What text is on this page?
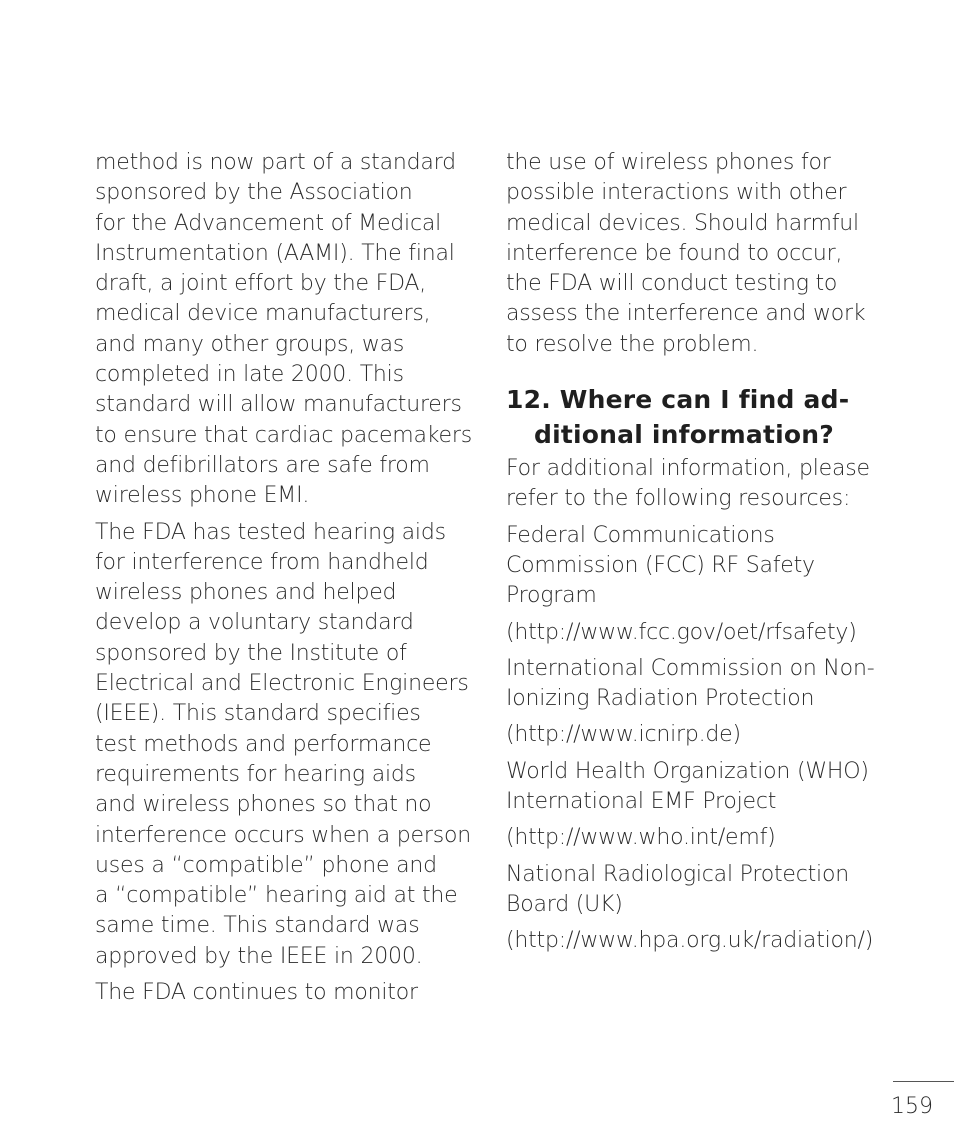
method is now part of a standard
sponsored by the Association
for the Advancement of Medical
Instrumentation (AAMI). The final
draft, a joint effort by the FDA,
medical device manufacturers,
and many other groups, was
completed in late 2000. This
standard will allow manufacturers
to ensure that cardiac pacemakers
and defibrillators are safe from
wireless phone EMI.

The FDA has tested hearing aids
for interference from handheld
wireless phones and helped
develop a voluntary standard
sponsored by the Institute of
Electrical and Electronic Engineers
(IEEE). This standard specifies
test methods and performance
requirements for hearing aids
and wireless phones so that no
interference occurs when a person
uses a “compatible” phone and
a “compatible” hearing aid at the
same time. This standard was
approved by the IEEE in 2000.

The FDA continues to monitor

the use of wireless phones for
possible interactions with other
medical devices. Should harmful
interference be found to occur,
the FDA will conduct testing to
assess the interference and work
to resolve the problem.

12. Where can I find ad-
ditional information?

For additional information, please
refer to the following resources:

Federal Communications
Commission (FCC) RF Safety
Program

(http://www.fcc.gov/oet/rfsafety)

International Commission on Non-
Ionizing Radiation Protection

(http://www.icnirp.de)

World Health Organization (WHO)
International EMF Project

(http://www.who.int/emf)

National Radiological Protection
Board (UK)

(http://www.hpa.org.uk/radiation/)

159
